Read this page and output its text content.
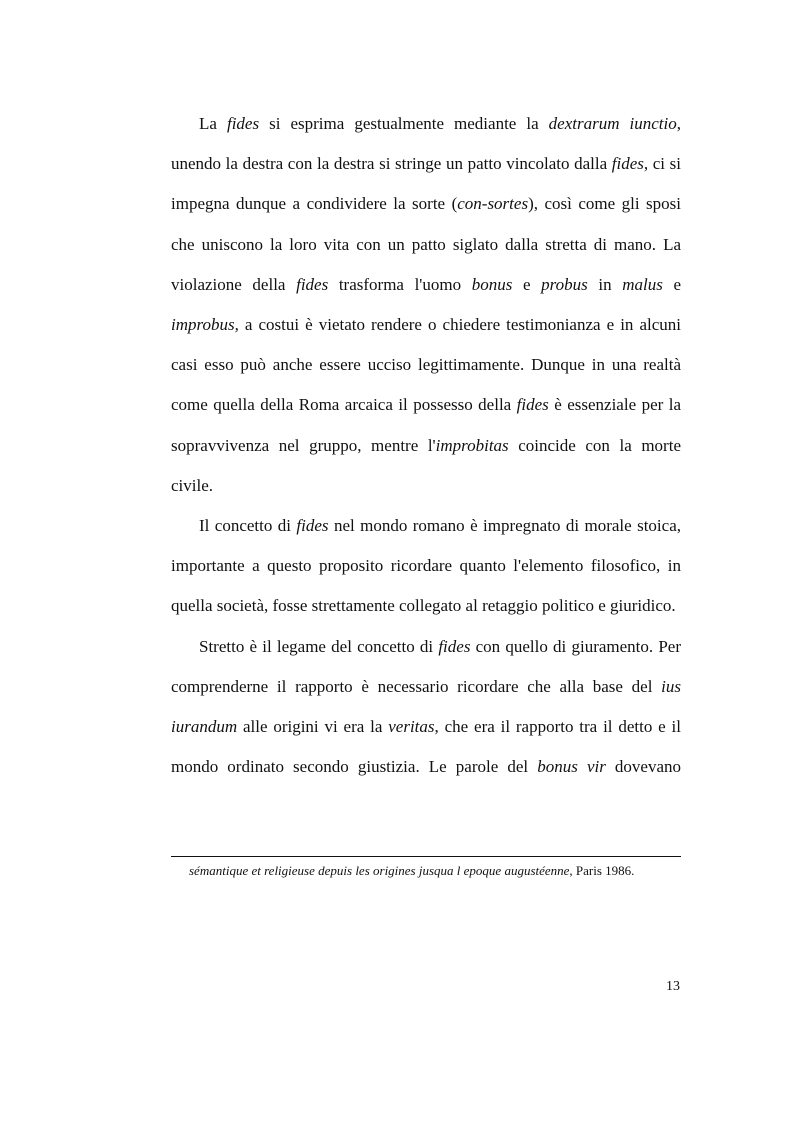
La fides si esprima gestualmente mediante la dextrarum iunctio, unendo la destra con la destra si stringe un patto vincolato dalla fides, ci si impegna dunque a condividere la sorte (con-sortes), così come gli sposi che uniscono la loro vita con un patto siglato dalla stretta di mano. La violazione della fides trasforma l'uomo bonus e probus in malus e improbus, a costui è vietato rendere o chiedere testimonianza e in alcuni casi esso può anche essere ucciso legittimamente. Dunque in una realtà come quella della Roma arcaica il possesso della fides è essenziale per la sopravvivenza nel gruppo, mentre l'improbitas coincide con la morte civile.

Il concetto di fides nel mondo romano è impregnato di morale stoica, importante a questo proposito ricordare quanto l'elemento filosofico, in quella società, fosse strettamente collegato al retaggio politico e giuridico.

Stretto è il legame del concetto di fides con quello di giuramento. Per comprenderne il rapporto è necessario ricordare che alla base del ius iurandum alle origini vi era la veritas, che era il rapporto tra il detto e il mondo ordinato secondo giustizia. Le parole del bonus vir dovevano

sémantique et religieuse depuis les origines jusqua l epoque augustéenne, Paris 1986.
13
